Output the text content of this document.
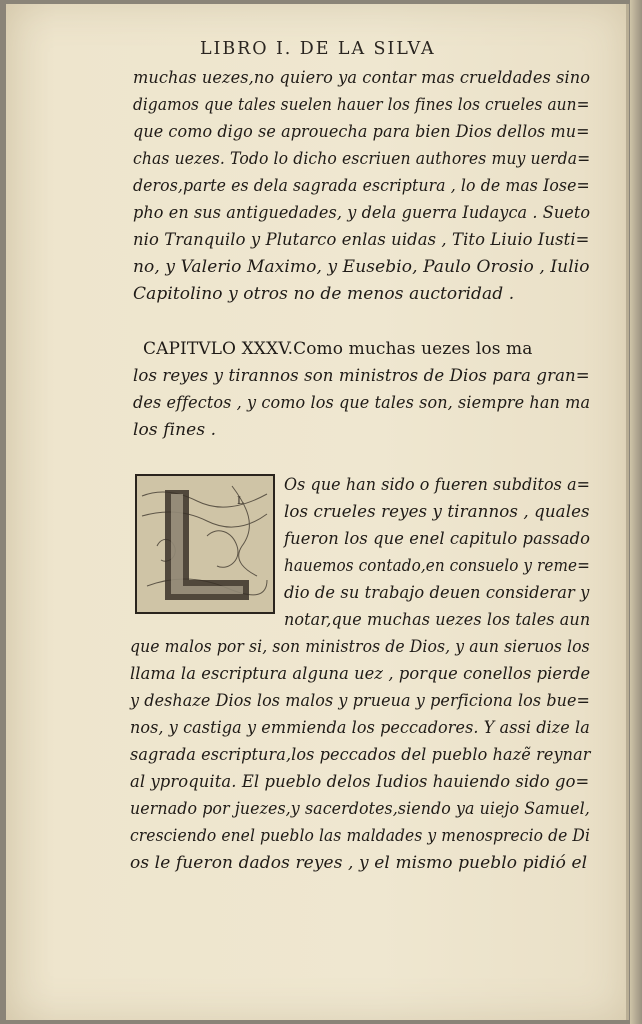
LIBRO I. DE LA SILVA
muchas uezes,no quiero ya contar mas crueldades sino
digamos que tales suelen hauer los fines los crueles aun=
que como digo se aprouecha para bien Dios dellos mu=
chas uezes. Todo lo dicho escriuen authores muy uerda=
deros,parte es dela sagrada escriptura , lo de mas Iose=
pho en sus antiguedades, y dela guerra Iudayca . Sueto
nio Tranquilo y Plutarco enlas uidas , Tito Liuio Iusti=
no, y Valerio Maximo, y Eusebio, Paulo Orosio , Iulio
Capitolino y otros no de menos auctoridad .
CAPITVLO XXXV.Como muchas uezes los ma
los reyes y tirannos son ministros de Dios para gran=
des effectos , y como los que tales son, siempre han ma
los fines .
L
Os que han sido o fueren subditos a=
los crueles reyes y tirannos , quales
fueron los que enel capitulo passado
hauemos contado,en consuelo y reme=
dio de su trabajo deuen considerar y
notar,que muchas uezes los tales aun
que malos por si, son ministros de Dios, y aun sieruos los
llama la escriptura alguna uez , porque conellos pierde
y deshaze Dios los malos y prueua y perficiona los bue=
nos, y castiga y emmienda los peccadores. Y assi dize la
sagrada escriptura,los peccados del pueblo hazẽ reynar
al yproquita. El pueblo delos Iudios hauiendo sido go=
uernado por juezes,y sacerdotes,siendo ya uiejo Samuel,
cresciendo enel pueblo las maldades y menosprecio de Di
os le fueron dados reyes , y el mismo pueblo pidió el
